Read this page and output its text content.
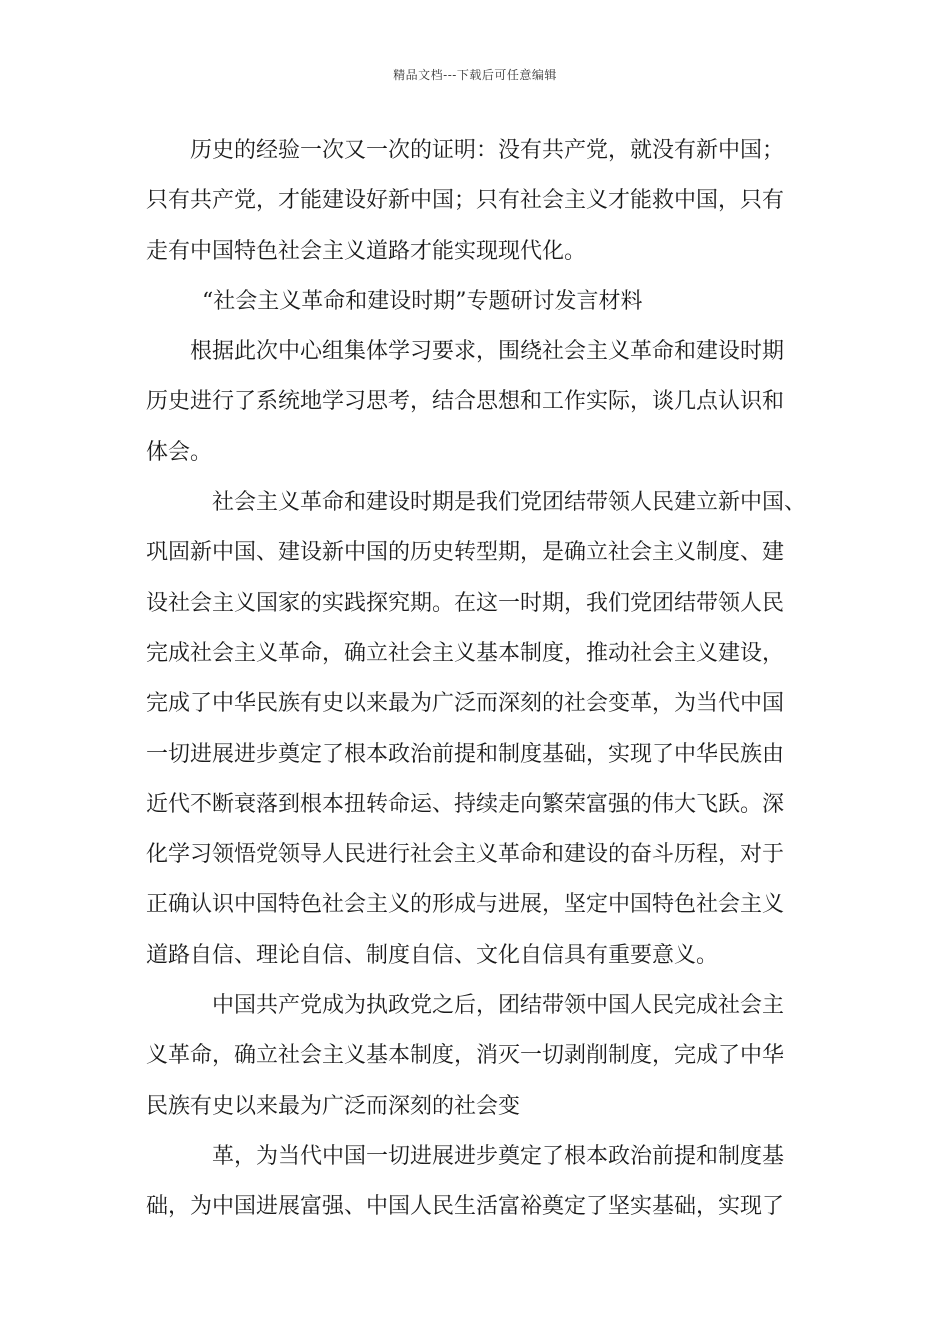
精品文档---下载后可任意编辑
历史的经验一次又一次的证明：没有共产党，就没有新中国；
只有共产党，才能建设好新中国；只有社会主义才能救中国，只有
走有中国特色社会主义道路才能实现现代化。
“社会主义革命和建设时期”专题研讨发言材料
根据此次中心组集体学习要求，围绕社会主义革命和建设时期
历史进行了系统地学习思考，结合思想和工作实际，谈几点认识和
体会。
社会主义革命和建设时期是我们党团结带领人民建立新中国、
巩固新中国、建设新中国的历史转型期，是确立社会主义制度、建
设社会主义国家的实践探究期。在这一时期，我们党团结带领人民
完成社会主义革命，确立社会主义基本制度，推动社会主义建设，
完成了中华民族有史以来最为广泛而深刻的社会变革，为当代中国
一切进展进步奠定了根本政治前提和制度基础，实现了中华民族由
近代不断衰落到根本扭转命运、持续走向繁荣富强的伟大飞跃。深
化学习领悟党领导人民进行社会主义革命和建设的奋斗历程，对于
正确认识中国特色社会主义的形成与进展，坚定中国特色社会主义
道路自信、理论自信、制度自信、文化自信具有重要意义。
中国共产党成为执政党之后，团结带领中国人民完成社会主
义革命，确立社会主义基本制度，消灭一切剥削制度，完成了中华
民族有史以来最为广泛而深刻的社会变
革，为当代中国一切进展进步奠定了根本政治前提和制度基
础，为中国进展富强、中国人民生活富裕奠定了坚实基础，实现了
